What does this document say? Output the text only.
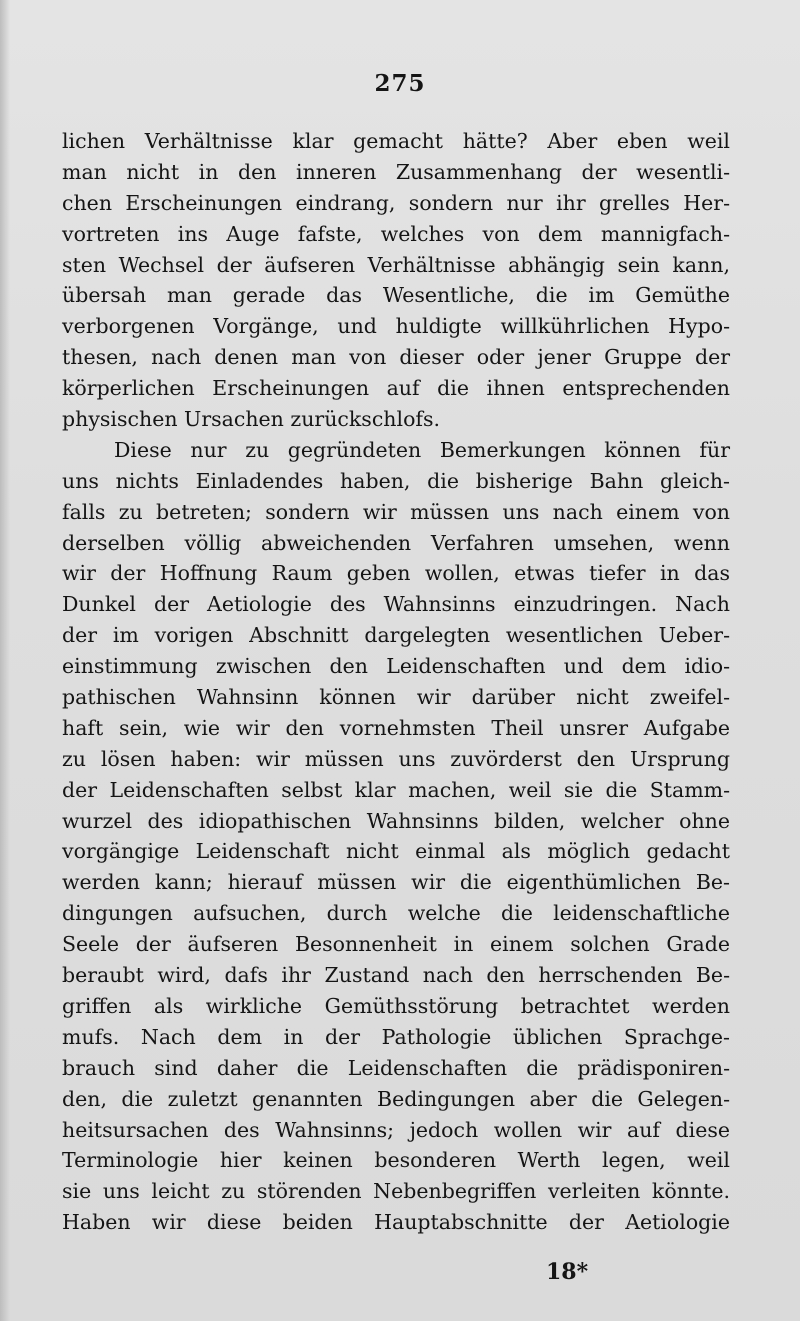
275
lichen Verhältnisse klar gemacht hätte? Aber eben weil
man nicht in den inneren Zusammenhang der wesentli-
chen Erscheinungen eindrang, sondern nur ihr grelles Her-
vortreten ins Auge fafste, welches von dem mannigfach-
sten Wechsel der äufseren Verhältnisse abhängig sein kann,
übersah man gerade das Wesentliche, die im Gemüthe
verborgenen Vorgänge, und huldigte willkührlichen Hypo-
thesen, nach denen man von dieser oder jener Gruppe der
körperlichen Erscheinungen auf die ihnen entsprechenden
physischen Ursachen zurückschlofs.
Diese nur zu gegründeten Bemerkungen können für
uns nichts Einladendes haben, die bisherige Bahn gleich-
falls zu betreten; sondern wir müssen uns nach einem von
derselben völlig abweichenden Verfahren umsehen, wenn
wir der Hoffnung Raum geben wollen, etwas tiefer in das
Dunkel der Aetiologie des Wahnsinns einzudringen. Nach
der im vorigen Abschnitt dargelegten wesentlichen Ueber-
einstimmung zwischen den Leidenschaften und dem idio-
pathischen Wahnsinn können wir darüber nicht zweifel-
haft sein, wie wir den vornehmsten Theil unsrer Aufgabe
zu lösen haben: wir müssen uns zuvörderst den Ursprung
der Leidenschaften selbst klar machen, weil sie die Stamm-
wurzel des idiopathischen Wahnsinns bilden, welcher ohne
vorgängige Leidenschaft nicht einmal als möglich gedacht
werden kann; hierauf müssen wir die eigenthümlichen Be-
dingungen aufsuchen, durch welche die leidenschaftliche
Seele der äufseren Besonnenheit in einem solchen Grade
beraubt wird, dafs ihr Zustand nach den herrschenden Be-
griffen als wirkliche Gemüthsstörung betrachtet werden
mufs. Nach dem in der Pathologie üblichen Sprachge-
brauch sind daher die Leidenschaften die prädisponiren-
den, die zuletzt genannten Bedingungen aber die Gelegen-
heitsursachen des Wahnsinns; jedoch wollen wir auf diese
Terminologie hier keinen besonderen Werth legen, weil
sie uns leicht zu störenden Nebenbegriffen verleiten könnte.
Haben wir diese beiden Hauptabschnitte der Aetiologie
18*
